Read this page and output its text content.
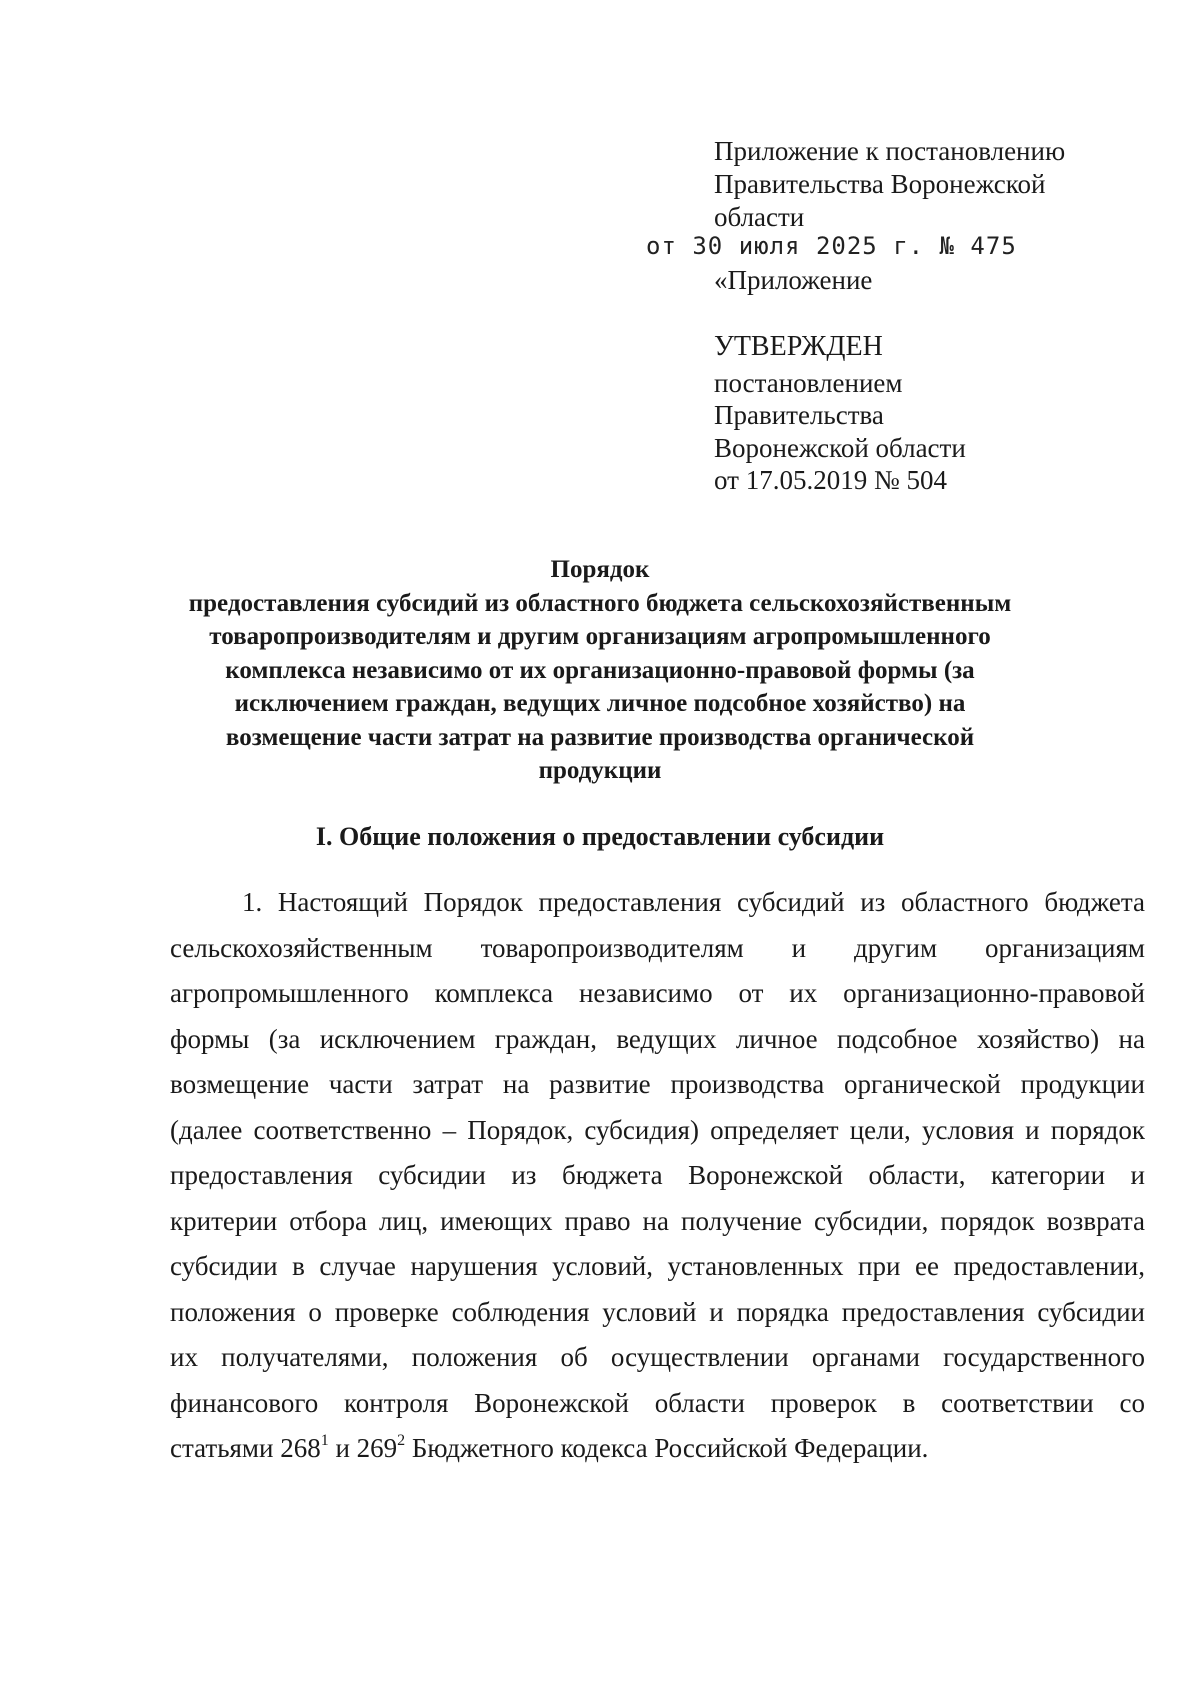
Приложение к постановлению
Правительства Воронежской
области
от 30 июля 2025 г. № 475
«Приложение
УТВЕРЖДЕН
постановлением
Правительства
Воронежской области
от 17.05.2019 № 504
Порядок
предоставления субсидий из областного бюджета сельскохозяйственным
товаропроизводителям и другим организациям агропромышленного
комплекса независимо от их организационно-правовой формы (за
исключением граждан, ведущих личное подсобное хозяйство) на
возмещение части затрат на развитие производства органической
продукции
I. Общие положения о предоставлении субсидии
1. Настоящий Порядок предоставления субсидий из областного бюджета
сельскохозяйственным товаропроизводителям и другим организациям
агропромышленного комплекса независимо от их организационно-правовой
формы (за исключением граждан, ведущих личное подсобное хозяйство) на
возмещение части затрат на развитие производства органической продукции
(далее соответственно – Порядок, субсидия) определяет цели, условия и порядок
предоставления субсидии из бюджета Воронежской области, категории и
критерии отбора лиц, имеющих право на получение субсидии, порядок возврата
субсидии в случае нарушения условий, установленных при ее предоставлении,
положения о проверке соблюдения условий и порядка предоставления субсидии
их получателями, положения об осуществлении органами государственного
финансового контроля Воронежской области проверок в соответствии со
статьями $268^1$ и $269^2$ Бюджетного кодекса Российской Федерации.
